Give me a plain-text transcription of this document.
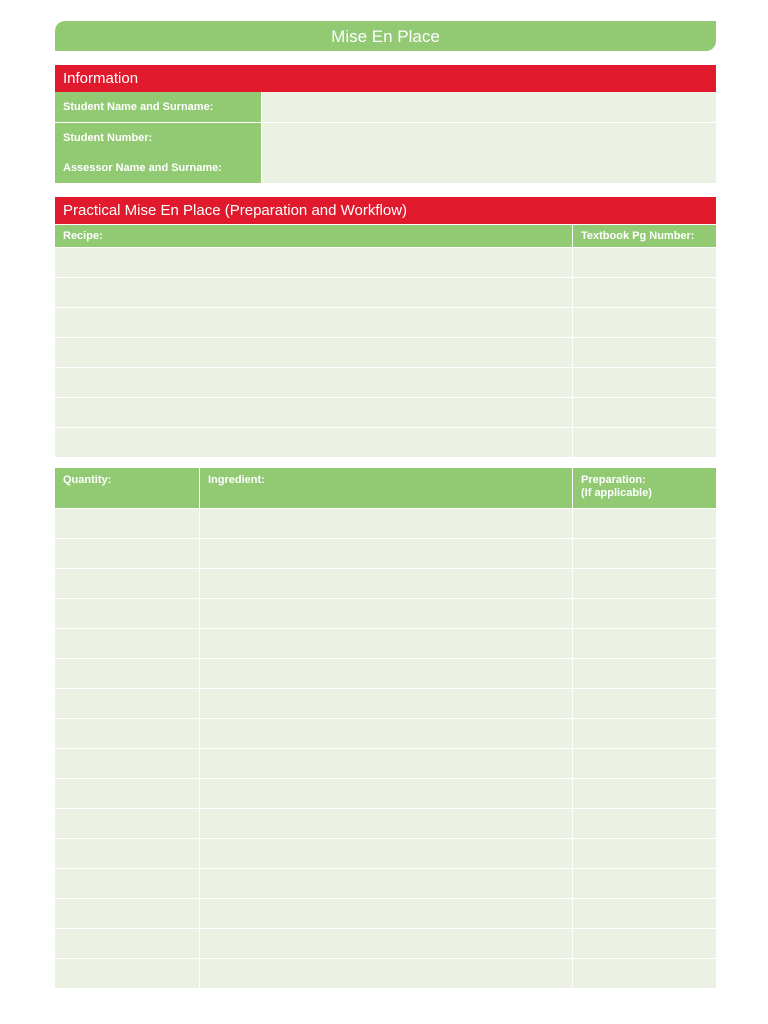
Mise En Place
Information
Student Name and Surname:
Student Number:
Assessor Name and Surname:
Practical Mise En Place (Preparation and Workflow)
Recipe:	Textbook Pg Number:
Quantity:	Ingredient:	Preparation:
(If applicable)
